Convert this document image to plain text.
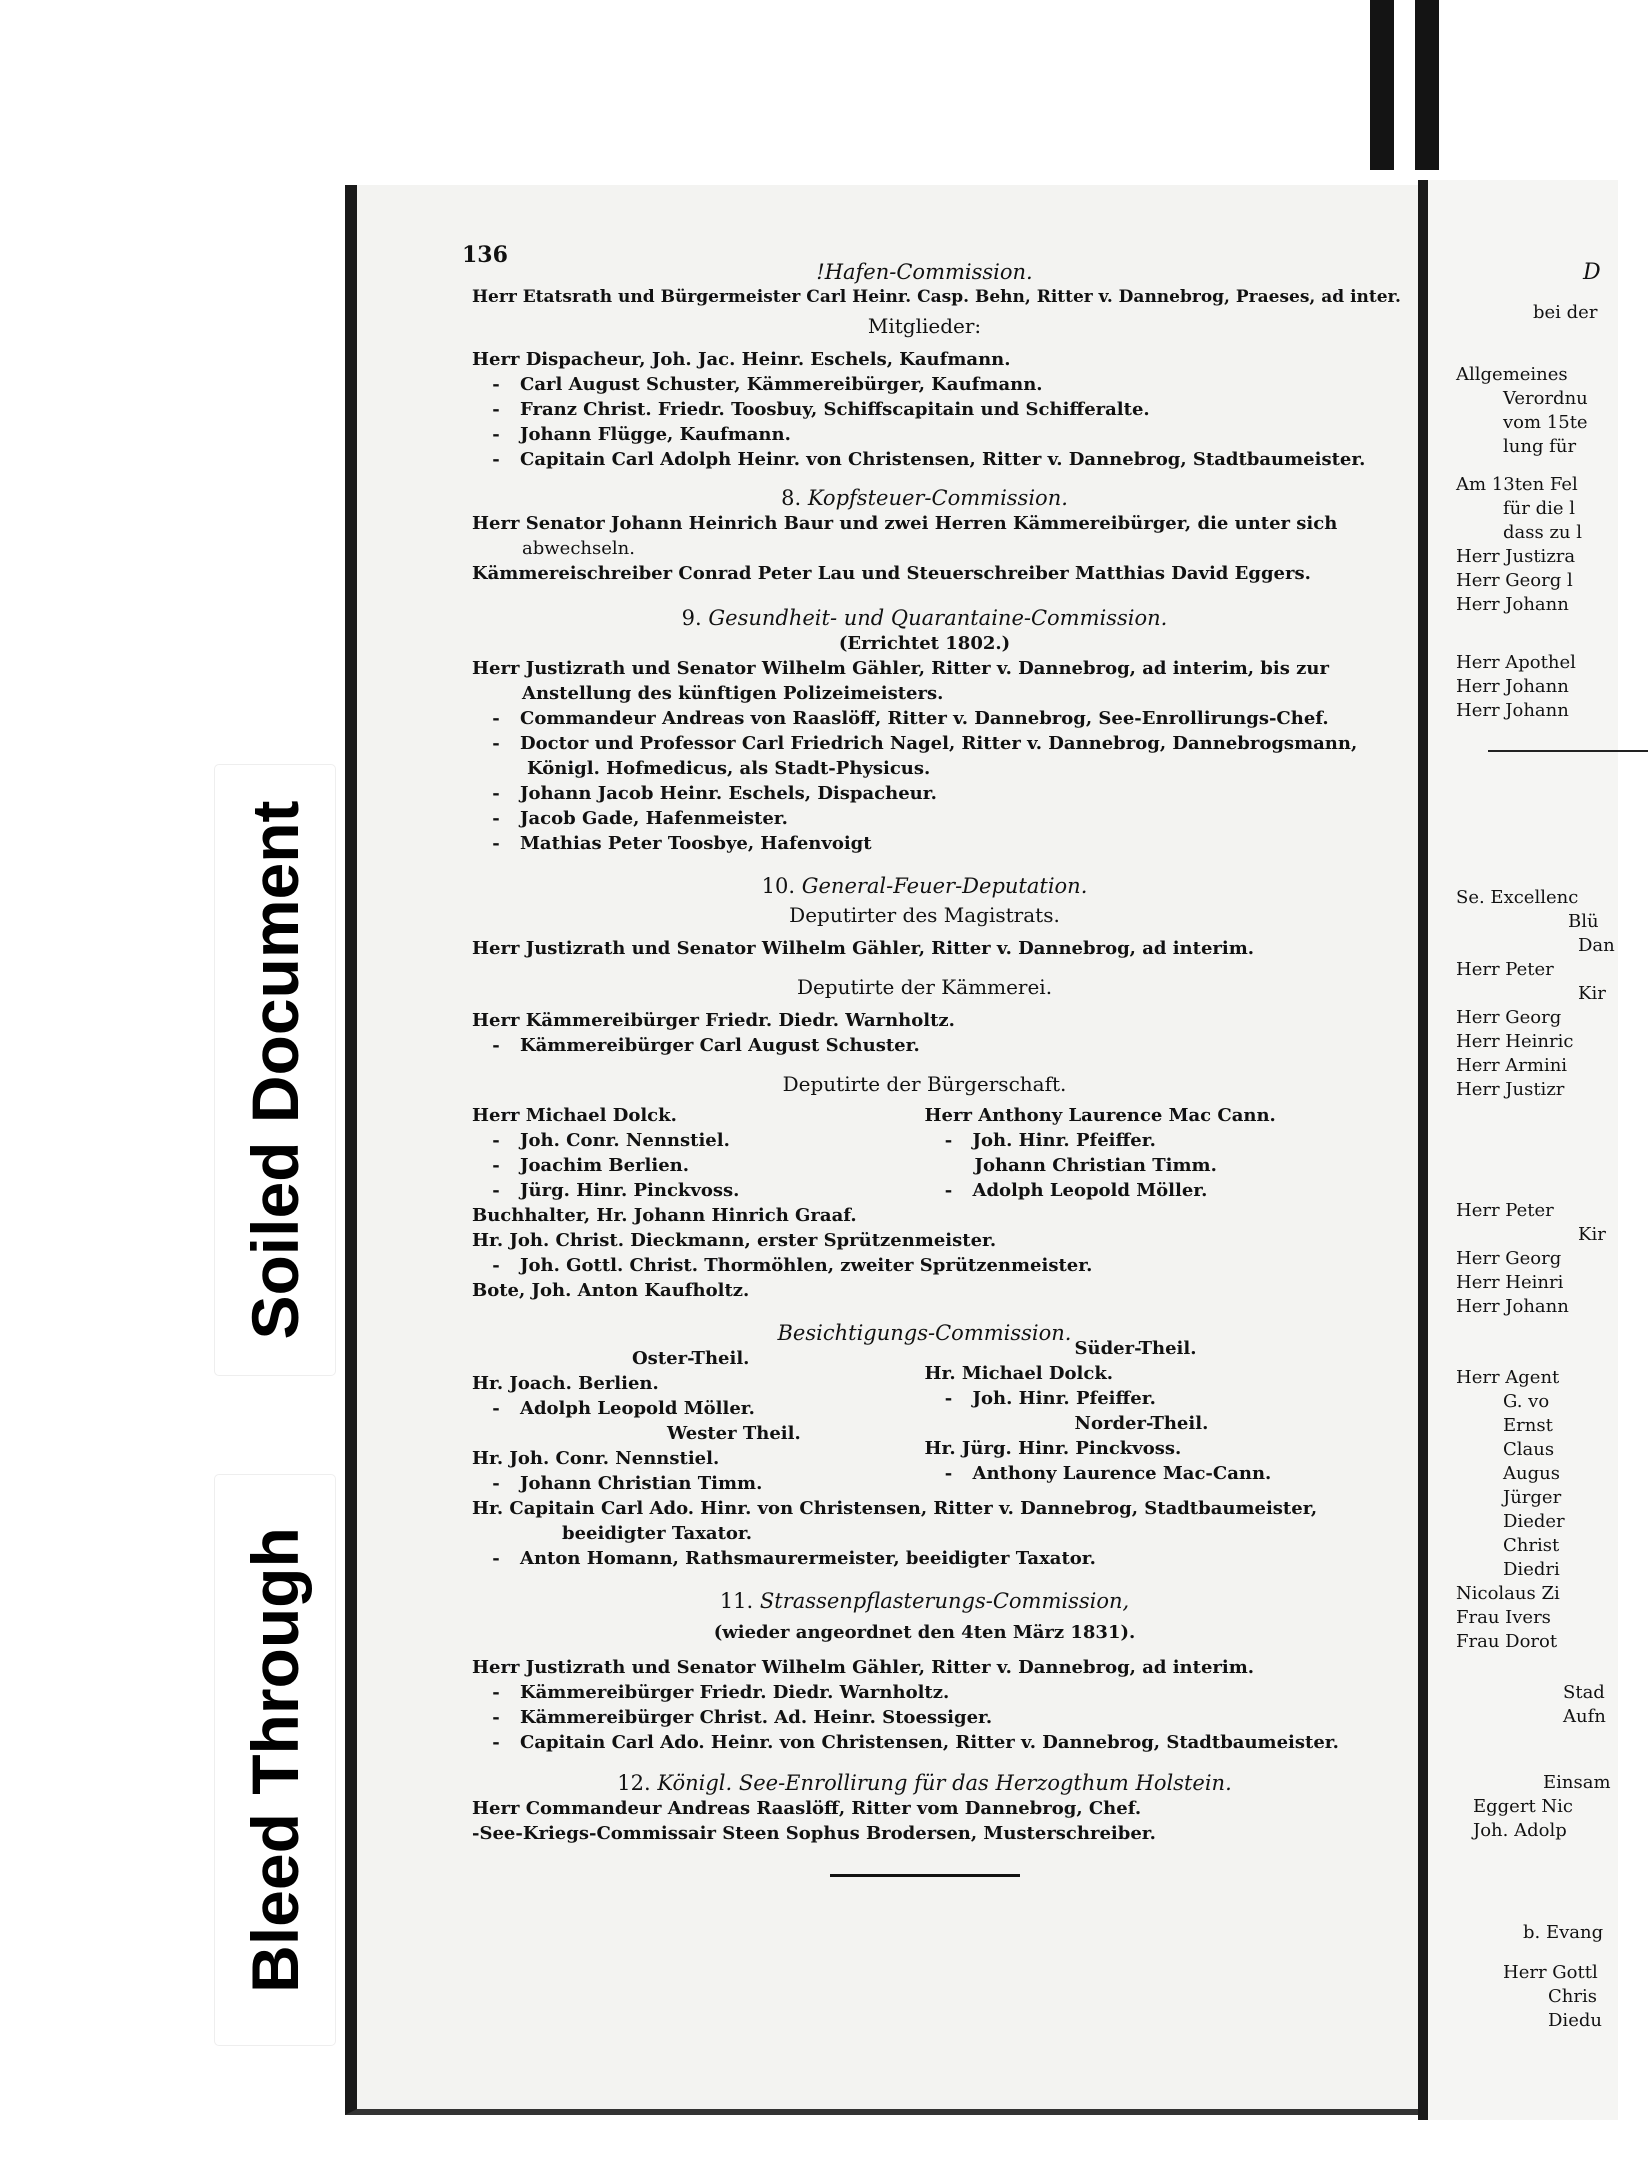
Soiled Document
Bleed Through
136
!Hafen-Commission.
Herr Etatsrath und Bürgermeister Carl Heinr. Casp. Behn, Ritter v. Dannebrog, Praeses, ad inter.
Mitglieder:
Herr Dispacheur, Joh. Jac. Heinr. Eschels, Kaufmann.
- Carl August Schuster, Kämmereibürger, Kaufmann.
- Franz Christ. Friedr. Toosbuy, Schiffscapitain und Schifferalte.
- Johann Flügge, Kaufmann.
- Capitain Carl Adolph Heinr. von Christensen, Ritter v. Dannebrog, Stadtbaumeister.
8. Kopfsteuer-Commission.
Herr Senator Johann Heinrich Baur und zwei Herren Kämmereibürger, die unter sich
abwechseln.
Kämmereischreiber Conrad Peter Lau und Steuerschreiber Matthias David Eggers.
9. Gesundheit- und Quarantaine-Commission.
(Errichtet 1802.)
Herr Justizrath und Senator Wilhelm Gähler, Ritter v. Dannebrog, ad interim, bis zur
Anstellung des künftigen Polizeimeisters.
- Commandeur Andreas von Raaslöff, Ritter v. Dannebrog, See-Enrollirungs-Chef.
- Doctor und Professor Carl Friedrich Nagel, Ritter v. Dannebrog, Dannebrogsmann,
Königl. Hofmedicus, als Stadt-Physicus.
- Johann Jacob Heinr. Eschels, Dispacheur.
- Jacob Gade, Hafenmeister.
- Mathias Peter Toosbye, Hafenvoigt
10. General-Feuer-Deputation.
Deputirter des Magistrats.
Herr Justizrath und Senator Wilhelm Gähler, Ritter v. Dannebrog, ad interim.
Deputirte der Kämmerei.
Herr Kämmereibürger Friedr. Diedr. Warnholtz.
- Kämmereibürger Carl August Schuster.
Deputirte der Bürgerschaft.
Herr Michael Dolck.
- Joh. Conr. Nennstiel.
- Joachim Berlien.
- Jürg. Hinr. Pinckvoss.
Herr Anthony Laurence Mac Cann.
- Joh. Hinr. Pfeiffer.
Johann Christian Timm.
- Adolph Leopold Möller.
Buchhalter, Hr. Johann Hinrich Graaf.
Hr. Joh. Christ. Dieckmann, erster Sprützenmeister.
- Joh. Gottl. Christ. Thormöhlen, zweiter Sprützenmeister.
Bote, Joh. Anton Kaufholtz.
Besichtigungs-Commission.
Oster-Theil.
Hr. Joach. Berlien.
- Adolph Leopold Möller.
Wester Theil.
Hr. Joh. Conr. Nennstiel.
- Johann Christian Timm.
Süder-Theil.
Hr. Michael Dolck.
- Joh. Hinr. Pfeiffer.
Norder-Theil.
Hr. Jürg. Hinr. Pinckvoss.
- Anthony Laurence Mac-Cann.
Hr. Capitain Carl Ado. Hinr. von Christensen, Ritter v. Dannebrog, Stadtbaumeister,
beeidigter Taxator.
- Anton Homann, Rathsmaurermeister, beeidigter Taxator.
11. Strassenpflasterungs-Commission,
(wieder angeordnet den 4ten März 1831).
Herr Justizrath und Senator Wilhelm Gähler, Ritter v. Dannebrog, ad interim.
- Kämmereibürger Friedr. Diedr. Warnholtz.
- Kämmereibürger Christ. Ad. Heinr. Stoessiger.
- Capitain Carl Ado. Heinr. von Christensen, Ritter v. Dannebrog, Stadtbaumeister.
12. Königl. See-Enrollirung für das Herzogthum Holstein.
Herr Commandeur Andreas Raaslöff, Ritter vom Dannebrog, Chef.
-See-Kriegs-Commissair Steen Sophus Brodersen, Musterschreiber.
D
bei der
Allgemeines
Verordnu
vom 15te
lung für
Am 13ten Fel
für die l
dass zu l
Herr Justizra
Herr Georg l
Herr Johann
Herr Apothel
Herr Johann
Herr Johann
Se. Excellenc
Blü
Dan
Herr Peter
Kir
Herr Georg
Herr Heinric
Herr Armini
Herr Justizr
Herr Peter
Kir
Herr Georg
Herr Heinri
Herr Johann
Herr Agent
G. vo
Ernst
Claus
Augus
Jürger
Dieder
Christ
Diedri
Nicolaus Zi
Frau Ivers
Frau Dorot
Stad
Aufn
Einsam
Eggert Nic
Joh. Adolp
b. Evang
Herr Gottl
Chris
Diedu
